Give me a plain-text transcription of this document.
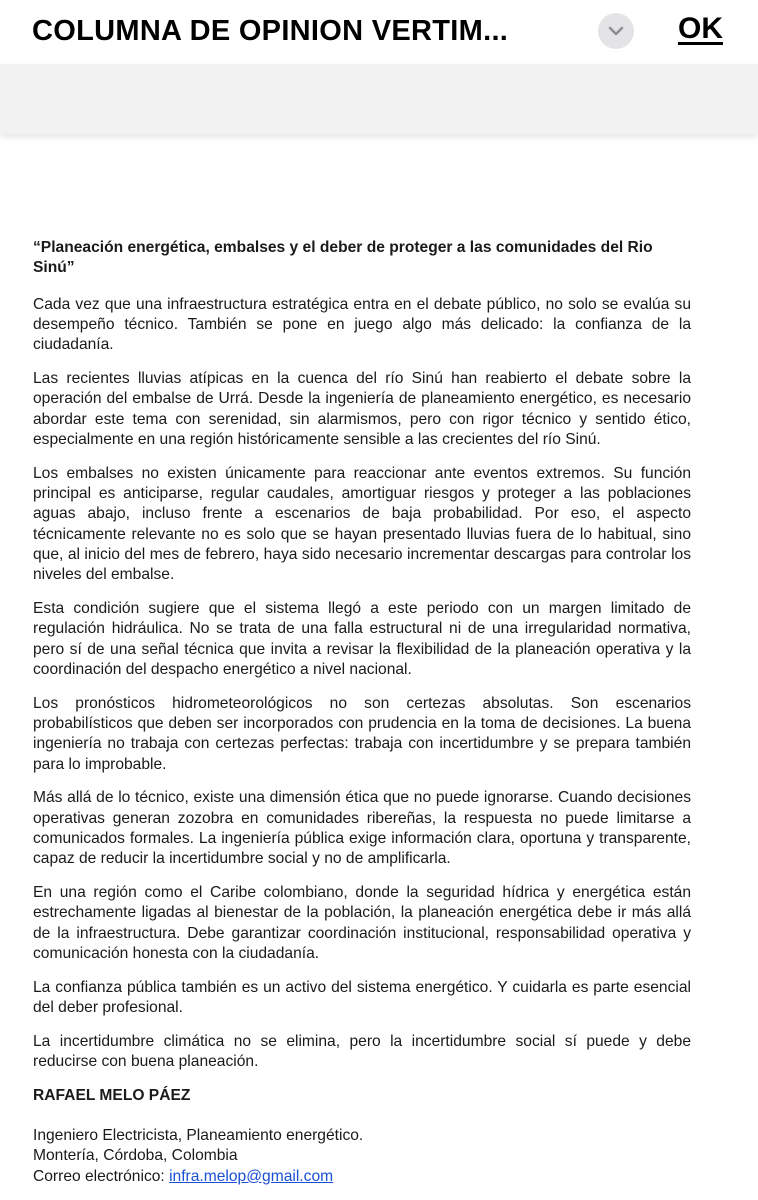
COLUMNA DE OPINION VERTIM...	OK

“Planeación energética, embalses y el deber de proteger a las comunidades del Rio Sinú”

Cada vez que una infraestructura estratégica entra en el debate público, no solo se evalúa su desempeño técnico. También se pone en juego algo más delicado: la confianza de la ciudadanía.

Las recientes lluvias atípicas en la cuenca del río Sinú han reabierto el debate sobre la operación del embalse de Urrá. Desde la ingeniería de planeamiento energético, es necesario abordar este tema con serenidad, sin alarmismos, pero con rigor técnico y sentido ético, especialmente en una región históricamente sensible a las crecientes del río Sinú.

Los embalses no existen únicamente para reaccionar ante eventos extremos. Su función principal es anticiparse, regular caudales, amortiguar riesgos y proteger a las poblaciones aguas abajo, incluso frente a escenarios de baja probabilidad. Por eso, el aspecto técnicamente relevante no es solo que se hayan presentado lluvias fuera de lo habitual, sino que, al inicio del mes de febrero, haya sido necesario incrementar descargas para controlar los niveles del embalse.

Esta condición sugiere que el sistema llegó a este periodo con un margen limitado de regulación hidráulica. No se trata de una falla estructural ni de una irregularidad normativa, pero sí de una señal técnica que invita a revisar la flexibilidad de la planeación operativa y la coordinación del despacho energético a nivel nacional.

Los pronósticos hidrometeorológicos no son certezas absolutas. Son escenarios probabilísticos que deben ser incorporados con prudencia en la toma de decisiones. La buena ingeniería no trabaja con certezas perfectas: trabaja con incertidumbre y se prepara también para lo improbable.

Más allá de lo técnico, existe una dimensión ética que no puede ignorarse. Cuando decisiones operativas generan zozobra en comunidades ribereñas, la respuesta no puede limitarse a comunicados formales. La ingeniería pública exige información clara, oportuna y transparente, capaz de reducir la incertidumbre social y no de amplificarla.

En una región como el Caribe colombiano, donde la seguridad hídrica y energética están estrechamente ligadas al bienestar de la población, la planeación energética debe ir más allá de la infraestructura. Debe garantizar coordinación institucional, responsabilidad operativa y comunicación honesta con la ciudadanía.

La confianza pública también es un activo del sistema energético. Y cuidarla es parte esencial del deber profesional.

La incertidumbre climática no se elimina, pero la incertidumbre social sí puede y debe reducirse con buena planeación.

RAFAEL MELO PÁEZ

Ingeniero Electricista, Planeamiento energético.

Montería, Córdoba, Colombia

Correo electrónico: infra.melop@gmail.com
